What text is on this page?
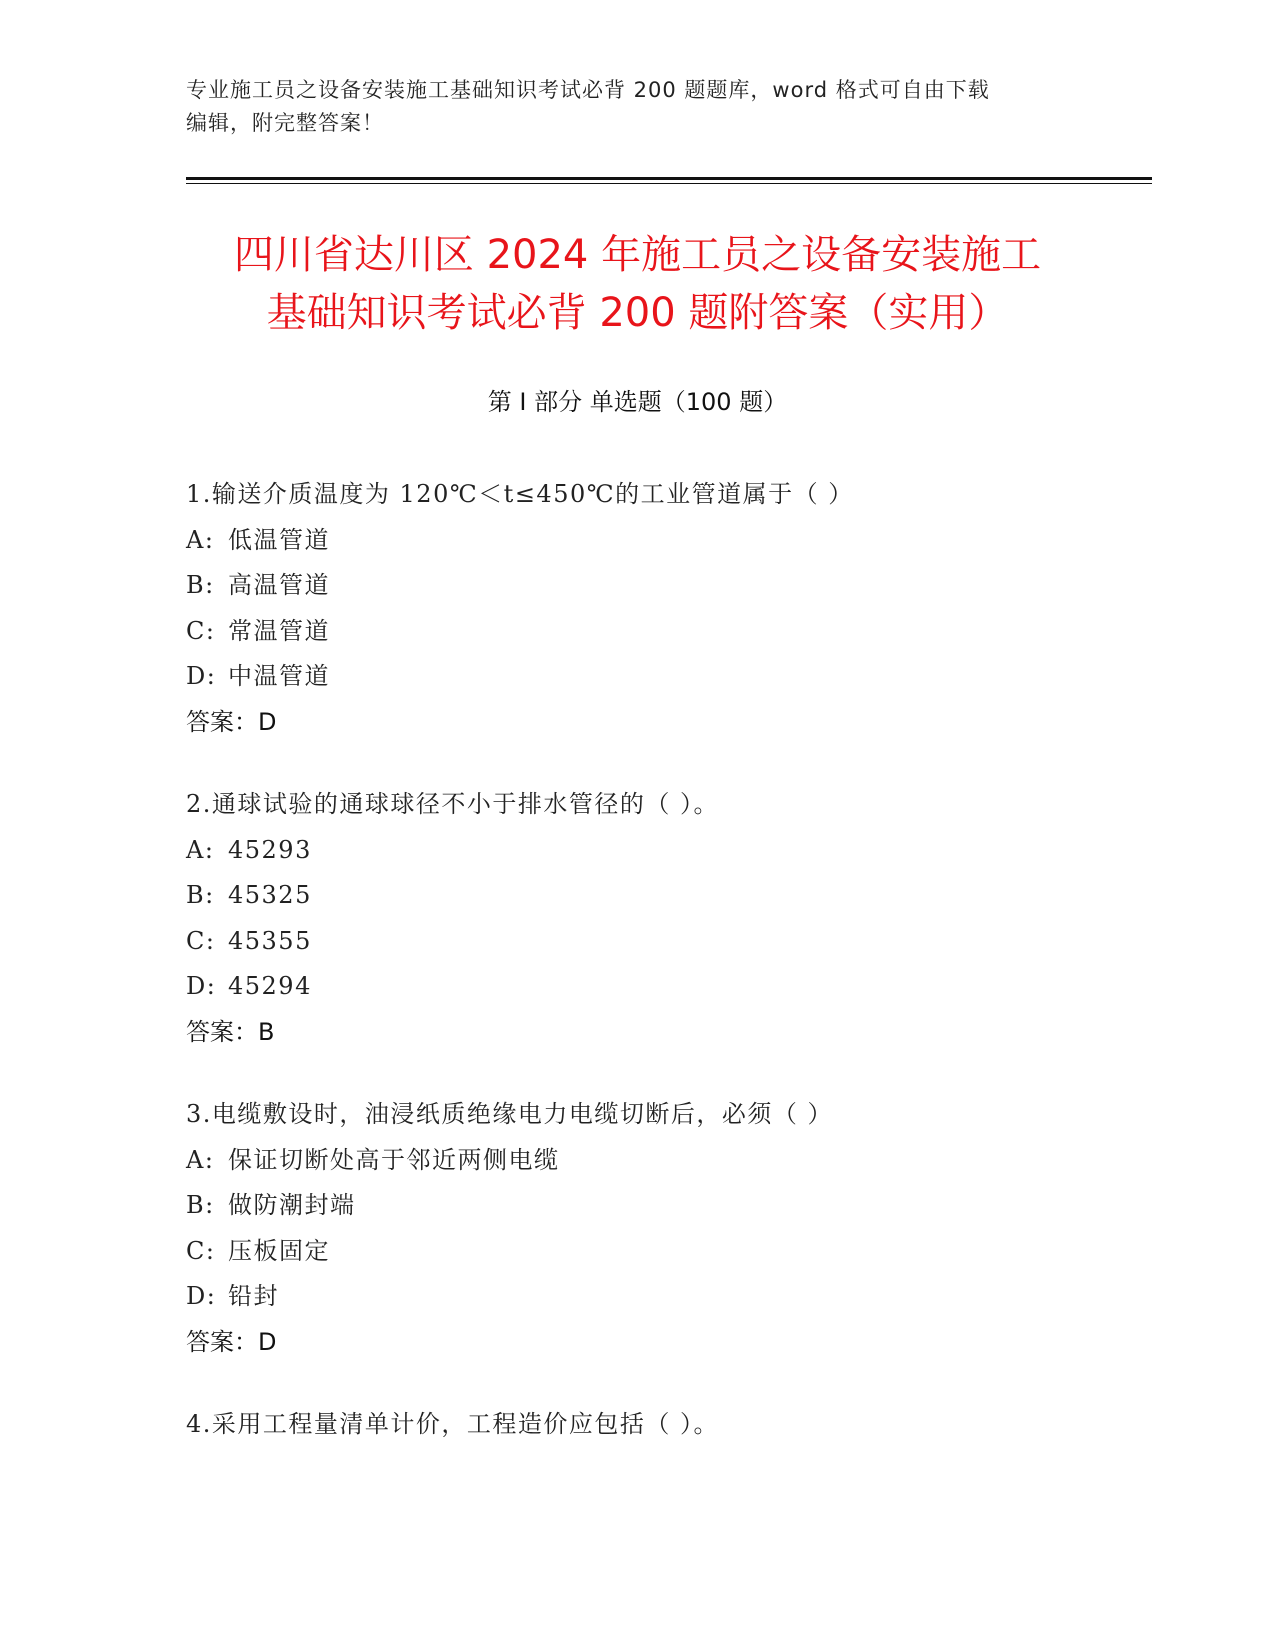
专业施工员之设备安装施工基础知识考试必背 200 题题库，word 格式可自由下载
编辑，附完整答案！
四川省达川区 2024 年施工员之设备安装施工
基础知识考试必背 200 题附答案（实用）
第 I 部分 单选题（100 题）
1.输送介质温度为 120℃＜t≤450℃的工业管道属于（ ）
A: 低温管道
B: 高温管道
C: 常温管道
D: 中温管道
答案：D
2.通球试验的通球球径不小于排水管径的（ ）。
A: 45293
B: 45325
C: 45355
D: 45294
答案：B
3.电缆敷设时，油浸纸质绝缘电力电缆切断后，必须（ ）
A: 保证切断处高于邻近两侧电缆
B: 做防潮封端
C: 压板固定
D: 铅封
答案：D
4.采用工程量清单计价，工程造价应包括（ ）。
